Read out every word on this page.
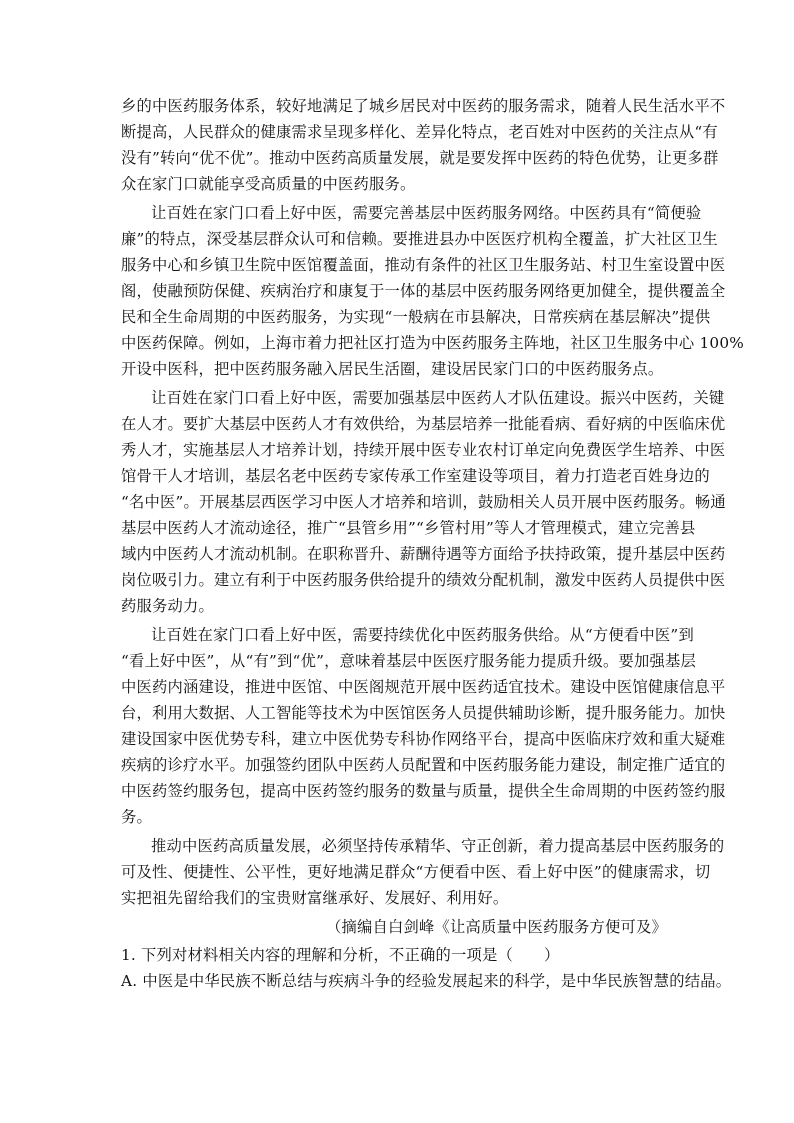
乡的中医药服务体系，较好地满足了城乡居民对中医药的服务需求，随着人民生活水平不
断提高，人民群众的健康需求呈现多样化、差异化特点，老百姓对中医药的关注点从“有
没有”转向“优不优”。推动中医药高质量发展，就是要发挥中医药的特色优势，让更多群
众在家门口就能享受高质量的中医药服务。
让百姓在家门口看上好中医，需要完善基层中医药服务网络。中医药具有“简便验
廉”的特点，深受基层群众认可和信赖。要推进县办中医医疗机构全覆盖，扩大社区卫生
服务中心和乡镇卫生院中医馆覆盖面，推动有条件的社区卫生服务站、村卫生室设置中医
阁，使融预防保健、疾病治疗和康复于一体的基层中医药服务网络更加健全，提供覆盖全
民和全生命周期的中医药服务，为实现“一般病在市县解决，日常疾病在基层解决”提供
中医药保障。例如，上海市着力把社区打造为中医药服务主阵地，社区卫生服务中心 100%
开设中医科，把中医药服务融入居民生活圈，建设居民家门口的中医药服务点。
让百姓在家门口看上好中医，需要加强基层中医药人才队伍建设。振兴中医药，关键
在人才。要扩大基层中医药人才有效供给，为基层培养一批能看病、看好病的中医临床优
秀人才，实施基层人才培养计划，持续开展中医专业农村订单定向免费医学生培养、中医
馆骨干人才培训，基层名老中医药专家传承工作室建设等项目，着力打造老百姓身边的
“名中医”。开展基层西医学习中医人才培养和培训，鼓励相关人员开展中医药服务。畅通
基层中医药人才流动途径，推广“县管乡用”“乡管村用”等人才管理模式，建立完善县
域内中医药人才流动机制。在职称晋升、薪酬待遇等方面给予扶持政策，提升基层中医药
岗位吸引力。建立有利于中医药服务供给提升的绩效分配机制，激发中医药人员提供中医
药服务动力。
让百姓在家门口看上好中医，需要持续优化中医药服务供给。从“方便看中医”到
“看上好中医”，从“有”到“优”，意味着基层中医医疗服务能力提质升级。要加强基层
中医药内涵建设，推进中医馆、中医阁规范开展中医药适宜技术。建设中医馆健康信息平
台，利用大数据、人工智能等技术为中医馆医务人员提供辅助诊断，提升服务能力。加快
建设国家中医优势专科，建立中医优势专科协作网络平台，提高中医临床疗效和重大疑难
疾病的诊疗水平。加强签约团队中医药人员配置和中医药服务能力建设，制定推广适宜的
中医药签约服务包，提高中医药签约服务的数量与质量，提供全生命周期的中医药签约服
务。
推动中医药高质量发展，必须坚持传承精华、守正创新，着力提高基层中医药服务的
可及性、便捷性、公平性，更好地满足群众“方便看中医、看上好中医”的健康需求，切
实把祖先留给我们的宝贵财富继承好、发展好、利用好。
（摘编自白剑峰《让高质量中医药服务方便可及》
1. 下列对材料相关内容的理解和分析，不正确的一项是（　　）
A. 中医是中华民族不断总结与疾病斗争的经验发展起来的科学，是中华民族智慧的结晶。
